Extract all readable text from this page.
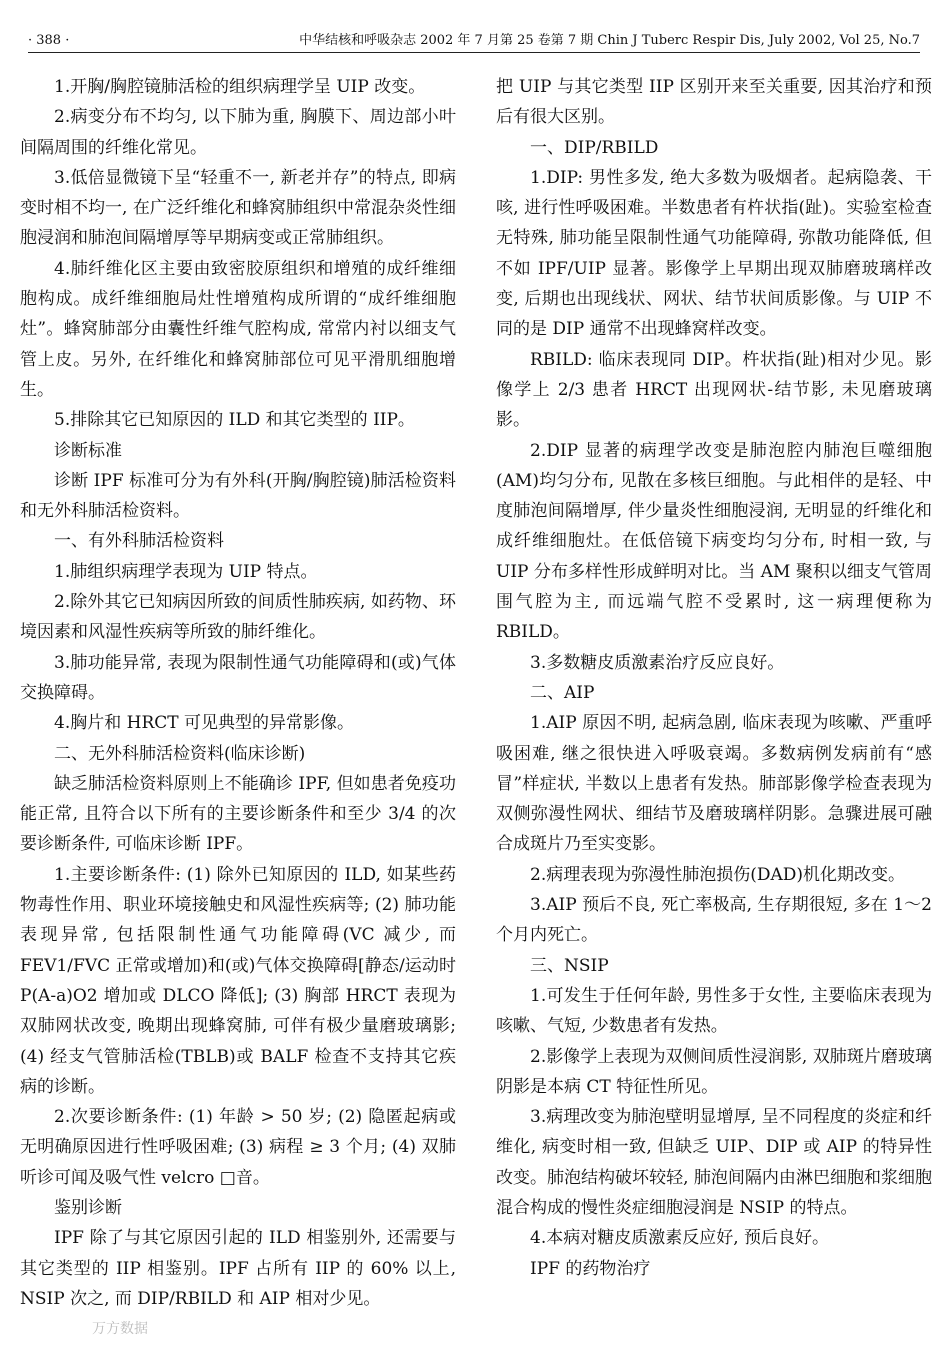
· 388 ·	中华结核和呼吸杂志 2002 年 7 月第 25 卷第 7 期 Chin J Tuberc Respir Dis, July 2002, Vol 25, No.7

1.开胸/胸腔镜肺活检的组织病理学呈 UIP 改变。

2.病变分布不均匀, 以下肺为重, 胸膜下、周边部小叶间隔周围的纤维化常见。

3.低倍显微镜下呈“轻重不一, 新老并存”的特点, 即病变时相不均一, 在广泛纤维化和蜂窝肺组织中常混杂炎性细胞浸润和肺泡间隔增厚等早期病变或正常肺组织。

4.肺纤维化区主要由致密胶原组织和增殖的成纤维细胞构成。成纤维细胞局灶性增殖构成所谓的“成纤维细胞灶”。蜂窝肺部分由囊性纤维气腔构成, 常常内衬以细支气管上皮。另外, 在纤维化和蜂窝肺部位可见平滑肌细胞增生。

5.排除其它已知原因的 ILD 和其它类型的 IIP。

诊断标准

诊断 IPF 标准可分为有外科(开胸/胸腔镜)肺活检资料和无外科肺活检资料。

一、有外科肺活检资料

1.肺组织病理学表现为 UIP 特点。

2.除外其它已知病因所致的间质性肺疾病, 如药物、环境因素和风湿性疾病等所致的肺纤维化。

3.肺功能异常, 表现为限制性通气功能障碍和(或)气体交换障碍。

4.胸片和 HRCT 可见典型的异常影像。

二、无外科肺活检资料(临床诊断)

缺乏肺活检资料原则上不能确诊 IPF, 但如患者免疫功能正常, 且符合以下所有的主要诊断条件和至少 3/4 的次要诊断条件, 可临床诊断 IPF。

1.主要诊断条件: (1) 除外已知原因的 ILD, 如某些药物毒性作用、职业环境接触史和风湿性疾病等; (2) 肺功能表现异常, 包括限制性通气功能障碍(VC 减少, 而 FEV1/FVC 正常或增加)和(或)气体交换障碍[静态/运动时 P(A-a)O2 增加或 DLCO 降低]; (3) 胸部 HRCT 表现为双肺网状改变, 晚期出现蜂窝肺, 可伴有极少量磨玻璃影; (4) 经支气管肺活检(TBLB)或 BALF 检查不支持其它疾病的诊断。

2.次要诊断条件: (1) 年龄 > 50 岁; (2) 隐匿起病或无明确原因进行性呼吸困难; (3) 病程 ≥ 3 个月; (4) 双肺听诊可闻及吸气性 velcro □音。

鉴别诊断

IPF 除了与其它原因引起的 ILD 相鉴别外, 还需要与其它类型的 IIP 相鉴别。IPF 占所有 IIP 的 60% 以上, NSIP 次之, 而 DIP/RBILD 和 AIP 相对少见。

把 UIP 与其它类型 IIP 区别开来至关重要, 因其治疗和预后有很大区别。

一、DIP/RBILD

1.DIP: 男性多发, 绝大多数为吸烟者。起病隐袭、干咳, 进行性呼吸困难。半数患者有杵状指(趾)。实验室检查无特殊, 肺功能呈限制性通气功能障碍, 弥散功能降低, 但不如 IPF/UIP 显著。影像学上早期出现双肺磨玻璃样改变, 后期也出现线状、网状、结节状间质影像。与 UIP 不同的是 DIP 通常不出现蜂窝样改变。

RBILD: 临床表现同 DIP。杵状指(趾)相对少见。影像学上 2/3 患者 HRCT 出现网状-结节影, 未见磨玻璃影。

2.DIP 显著的病理学改变是肺泡腔内肺泡巨噬细胞(AM)均匀分布, 见散在多核巨细胞。与此相伴的是轻、中度肺泡间隔增厚, 伴少量炎性细胞浸润, 无明显的纤维化和成纤维细胞灶。在低倍镜下病变均匀分布, 时相一致, 与 UIP 分布多样性形成鲜明对比。当 AM 聚积以细支气管周围气腔为主, 而远端气腔不受累时, 这一病理便称为 RBILD。

3.多数糖皮质激素治疗反应良好。

二、AIP

1.AIP 原因不明, 起病急剧, 临床表现为咳嗽、严重呼吸困难, 继之很快进入呼吸衰竭。多数病例发病前有“感冒”样症状, 半数以上患者有发热。肺部影像学检查表现为双侧弥漫性网状、细结节及磨玻璃样阴影。急骤进展可融合成斑片乃至实变影。

2.病理表现为弥漫性肺泡损伤(DAD)机化期改变。

3.AIP 预后不良, 死亡率极高, 生存期很短, 多在 1～2 个月内死亡。

三、NSIP

1.可发生于任何年龄, 男性多于女性, 主要临床表现为咳嗽、气短, 少数患者有发热。

2.影像学上表现为双侧间质性浸润影, 双肺斑片磨玻璃阴影是本病 CT 特征性所见。

3.病理改变为肺泡壁明显增厚, 呈不同程度的炎症和纤维化, 病变时相一致, 但缺乏 UIP、DIP 或 AIP 的特异性改变。肺泡结构破坏较轻, 肺泡间隔内由淋巴细胞和浆细胞混合构成的慢性炎症细胞浸润是 NSIP 的特点。

4.本病对糖皮质激素反应好, 预后良好。

IPF 的药物治疗

万方数据
